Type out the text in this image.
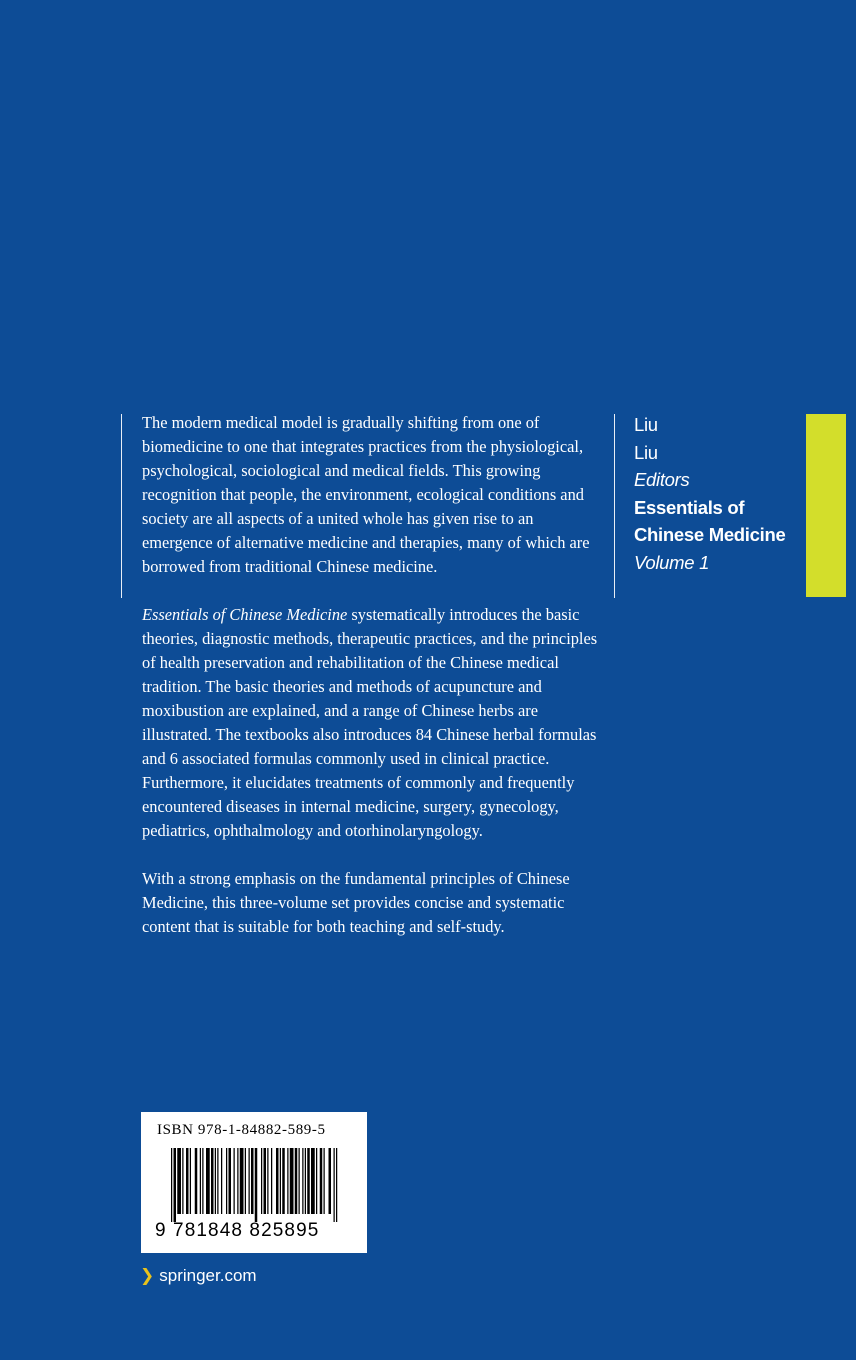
The modern medical model is gradually shifting from one of biomedicine to one that integrates practices from the physiological, psychological, sociological and medical fields. This growing recognition that people, the environment, ecological conditions and society are all aspects of a united whole has given rise to an emergence of alternative medicine and therapies, many of which are borrowed from traditional Chinese medicine.

Essentials of Chinese Medicine systematically introduces the basic theories, diagnostic methods, therapeutic practices, and the principles of health preservation and rehabilitation of the Chinese medical tradition. The basic theories and methods of acupuncture and moxibustion are explained, and a range of Chinese herbs are illustrated. The textbooks also introduces 84 Chinese herbal formulas and 6 associated formulas commonly used in clinical practice. Furthermore, it elucidates treatments of commonly and frequently encountered diseases in internal medicine, surgery, gynecology, pediatrics, ophthalmology and otorhinolaryngology.

With a strong emphasis on the fundamental principles of Chinese Medicine, this three-volume set provides concise and systematic content that is suitable for both teaching and self-study.

Liu
Liu
Editors
Essentials of
Chinese Medicine
Volume 1
ISBN 978-1-84882-589-5
9 781848 825895
❯ springer.com
